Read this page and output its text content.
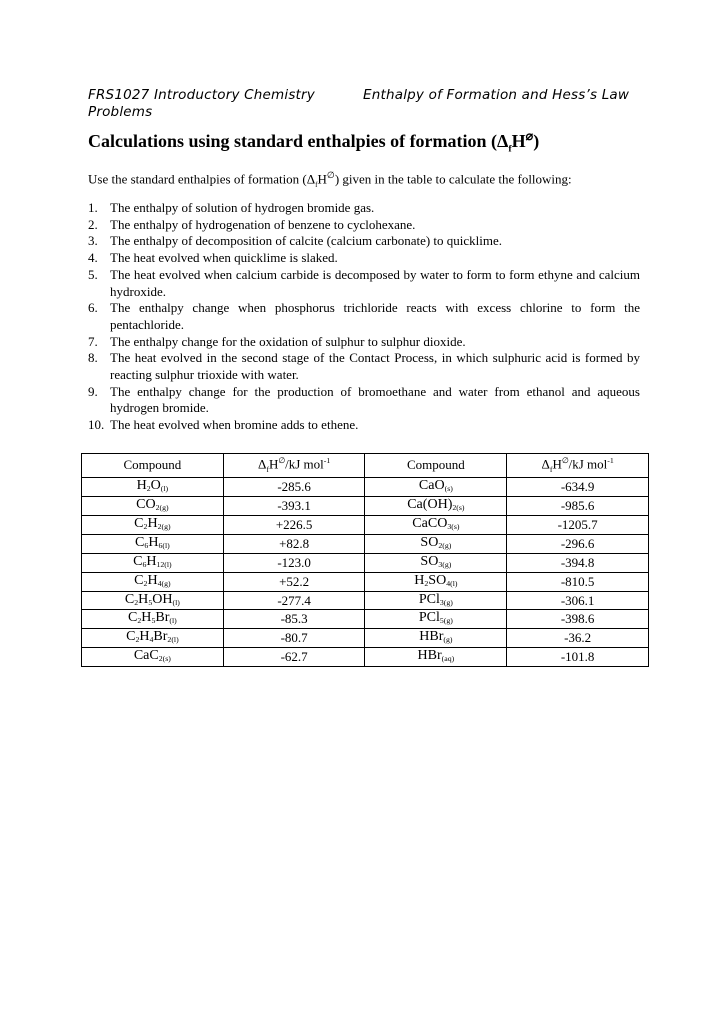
FRS1027 Introductory Chemistry	Enthalpy of Formation and Hess’s Law
Problems
Calculations using standard enthalpies of formation $(\Delta_fH^⌀)$
Use the standard enthalpies of formation $(\Delta_fH^\emptyset)$ given in the table to calculate the following:
1. The enthalpy of solution of hydrogen bromide gas.
2. The enthalpy of hydrogenation of benzene to cyclohexane.
3. The enthalpy of decomposition of calcite (calcium carbonate) to quicklime.
4. The heat evolved when quicklime is slaked.
5. The heat evolved when calcium carbide is decomposed by water to form to form ethyne and calcium hydroxide.
6. The enthalpy change when phosphorus trichloride reacts with excess chlorine to form the pentachloride.
7. The enthalpy change for the oxidation of sulphur to sulphur dioxide.
8. The heat evolved in the second stage of the Contact Process, in which sulphuric acid is formed by reacting sulphur trioxide with water.
9. The enthalpy change for the production of bromoethane and water from ethanol and aqueous hydrogen bromide.
10. The heat evolved when bromine adds to ethene.
Compound	$\Delta_fH^\emptyset/kJ$ mol$^{-1}$	Compound	$\Delta_fH^\emptyset/kJ$ mol$^{-1}$
$H_2O_{(l)}$	-285.6	CaO$_{(s)}$	-634.9
$CO_{2(g)}$	-393.1	$Ca(OH)_{2(s)}$	-985.6
$C_2H_{2(g)}$	+226.5	CaCO$_{3(s)}$	-1205.7
$C_6H_{6(l)}$	+82.8	$SO_{2(g)}$	-296.6
$C_6H_{12(l)}$	-123.0	$SO_{3(g)}$	-394.8
$C_2H_{4(g)}$	+52.2	$H_2SO_{4(l)}$	-810.5
$C_2H_5OH_{(l)}$	-277.4	PCl$_{3(g)}$	-306.1
$C_2H_5Br_{(l)}$	-85.3	PCl$_{5(g)}$	-398.6
$C_2H_4Br_{2(l)}$	-80.7	HBr$_{(g)}$	-36.2
CaC$_{2(s)}$	-62.7	HBr$_{(aq)}$	-101.8
